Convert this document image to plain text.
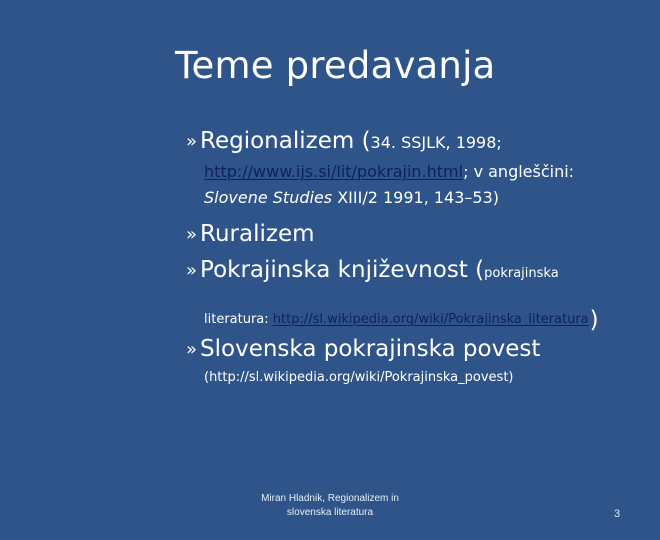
Teme predavanja
» Regionalizem (34. SSJLK, 1998;
http://www.ijs.si/lit/pokrajin.html; v angleščini:
Slovene Studies XIII/2 1991, 143–53)
» Ruralizem
» Pokrajinska književnost (pokrajinska
literatura: http://sl.wikipedia.org/wiki/Pokrajinska_literatura)
» Slovenska pokrajinska povest
(http://sl.wikipedia.org/wiki/Pokrajinska_povest)
Miran Hladnik, Regionalizem in slovenska literatura	3
